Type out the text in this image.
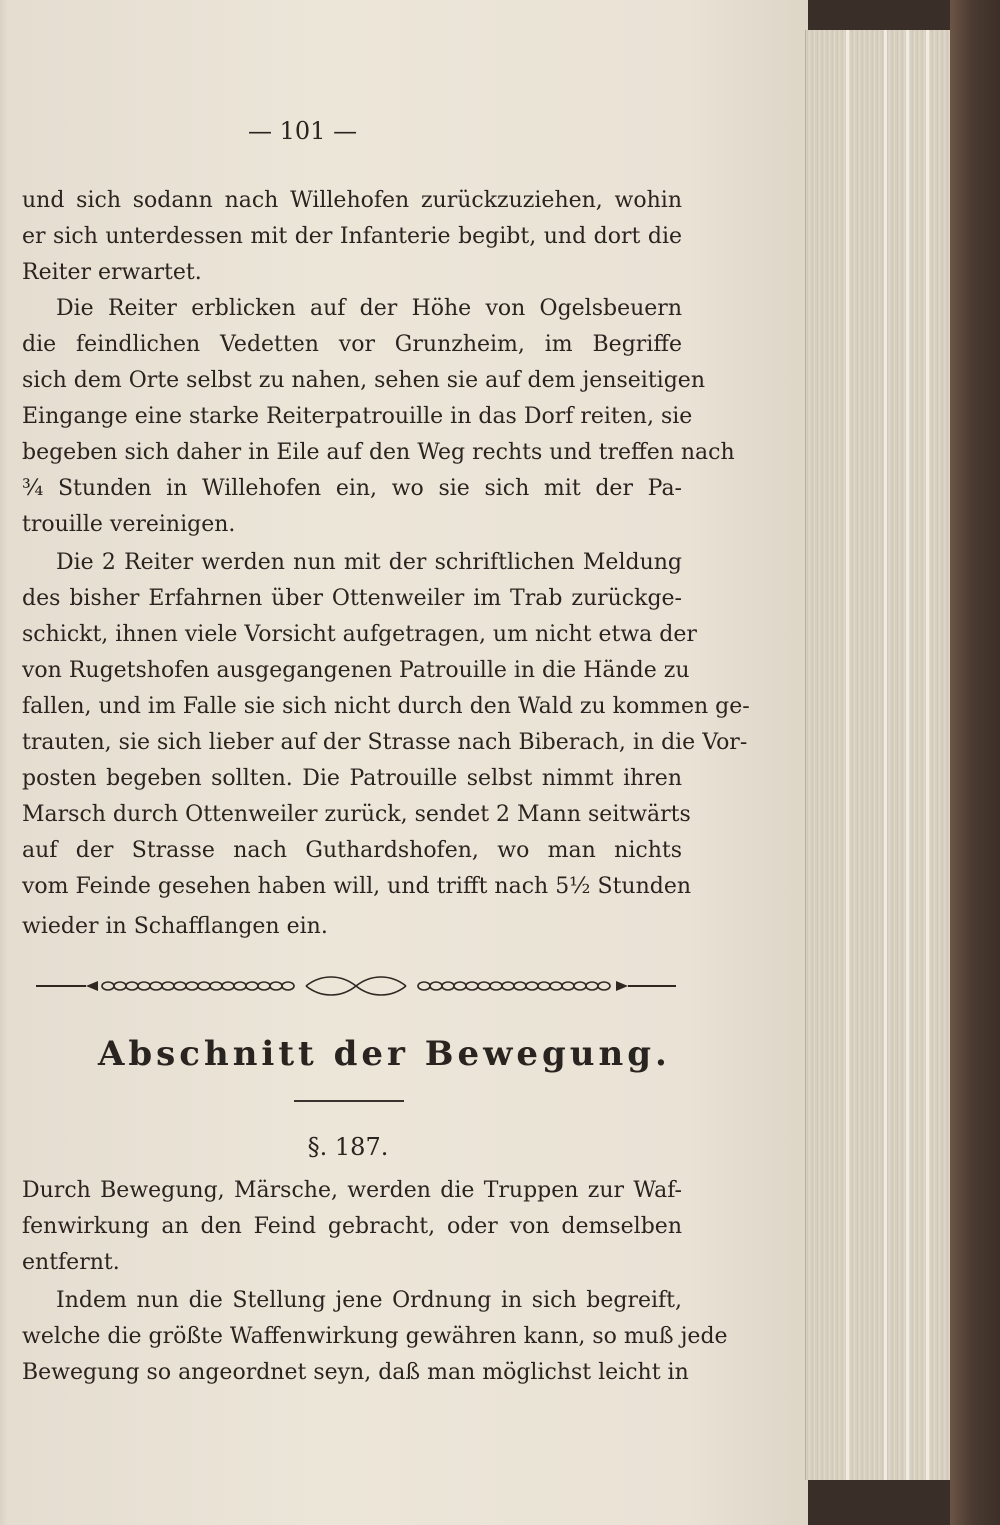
— 101 —
und sich sodann nach Willehofen zurückzuziehen, wohin
er sich unterdessen mit der Infanterie begibt, und dort die
Reiter erwartet.
Die Reiter erblicken auf der Höhe von Ogelsbeuern
die feindlichen Vedetten vor Grunzheim, im Begriffe
sich dem Orte selbst zu nahen, sehen sie auf dem jenseitigen
Eingange eine starke Reiterpatrouille in das Dorf reiten, sie
begeben sich daher in Eile auf den Weg rechts und treffen nach
¾ Stunden in Willehofen ein, wo sie sich mit der Pa-
trouille vereinigen.
Die 2 Reiter werden nun mit der schriftlichen Meldung
des bisher Erfahrnen über Ottenweiler im Trab zurückge-
schickt, ihnen viele Vorsicht aufgetragen, um nicht etwa der
von Rugetshofen ausgegangenen Patrouille in die Hände zu
fallen, und im Falle sie sich nicht durch den Wald zu kommen ge-
trauten, sie sich lieber auf der Strasse nach Biberach, in die Vor-
posten begeben sollten. Die Patrouille selbst nimmt ihren
Marsch durch Ottenweiler zurück, sendet 2 Mann seitwärts
auf der Strasse nach Guthardshofen, wo man nichts
vom Feinde gesehen haben will, und trifft nach 5½ Stunden
wieder in Schafflangen ein.
Abschnitt der Bewegung.
§. 187.
Durch Bewegung, Märsche, werden die Truppen zur Waf-
fenwirkung an den Feind gebracht, oder von demselben
entfernt.
Indem nun die Stellung jene Ordnung in sich begreift,
welche die größte Waffenwirkung gewähren kann, so muß jede
Bewegung so angeordnet seyn, daß man möglichst leicht in
